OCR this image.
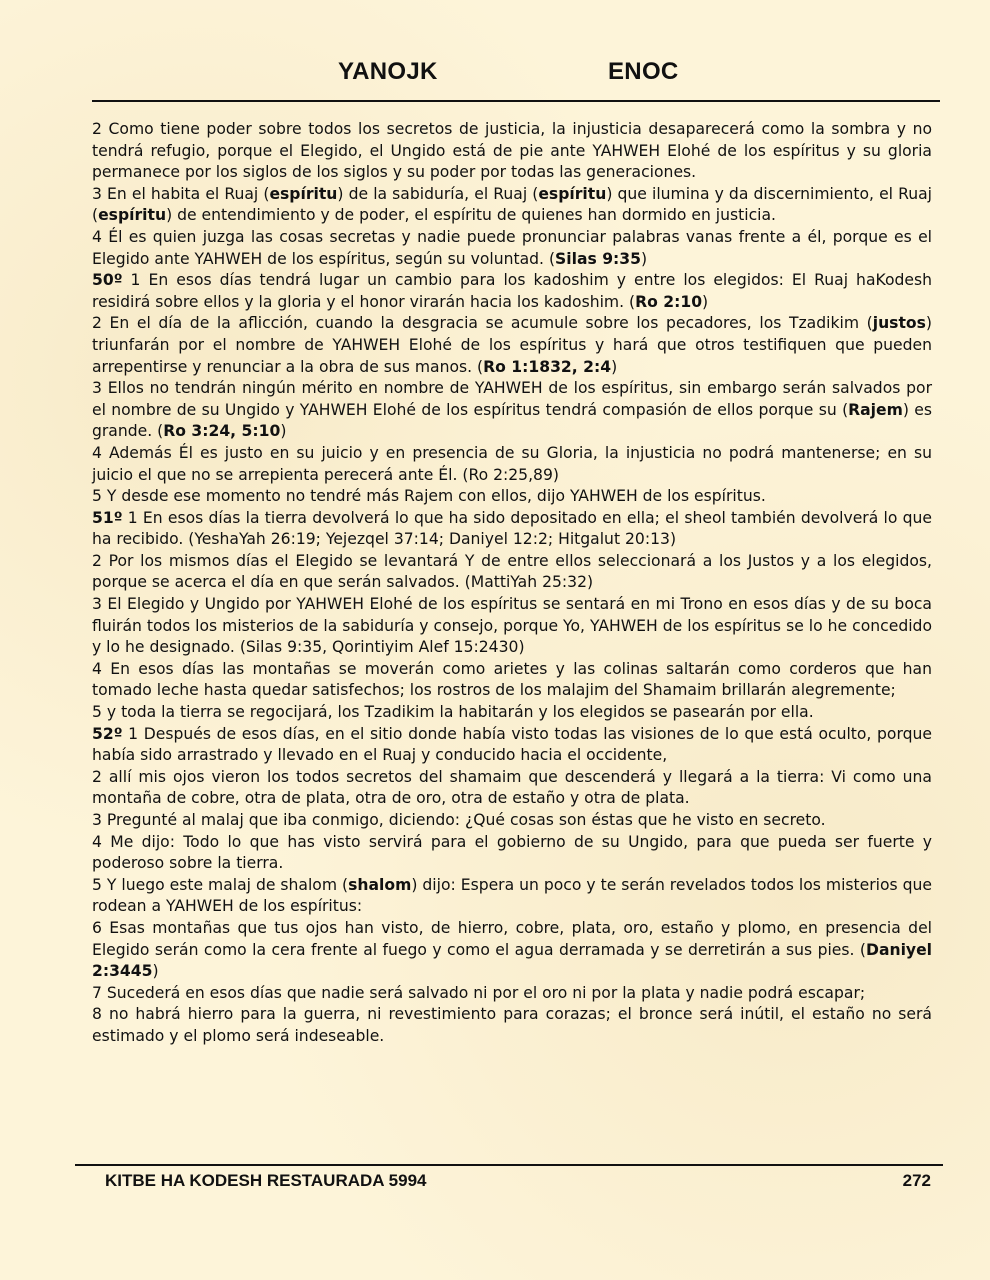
YANOJK	ENOC

2 Como tiene poder sobre todos los secretos de justicia, la injusticia desaparecerá como la sombra y no tendrá refugio, porque el Elegido, el Ungido está de pie ante YAHWEH Elohé de los espíritus y su gloria permanece por los siglos de los siglos y su poder por todas las generaciones.

3 En el habita el Ruaj (espíritu) de la sabiduría, el Ruaj (espíritu) que ilumina y da discernimiento, el Ruaj (espíritu) de entendimiento y de poder, el espíritu de quienes han dormido en justicia.

4 Él es quien juzga las cosas secretas y nadie puede pronunciar palabras vanas frente a él, porque es el Elegido ante YAHWEH de los espíritus, según su voluntad. (Silas 9:35)

50º 1 En esos días tendrá lugar un cambio para los kadoshim y entre los elegidos: El Ruaj haKodesh residirá sobre ellos y la gloria y el honor virarán hacia los kadoshim. (Ro 2:10)

2 En el día de la aflicción, cuando la desgracia se acumule sobre los pecadores, los Tzadikim (justos) triunfarán por el nombre de YAHWEH Elohé de los espíritus y hará que otros testifiquen que pueden arrepentirse y renunciar a la obra de sus manos. (Ro 1:1832, 2:4)

3 Ellos no tendrán ningún mérito en nombre de YAHWEH de los espíritus, sin embargo serán salvados por el nombre de su Ungido y YAHWEH Elohé de los espíritus tendrá compasión de ellos porque su (Rajem) es grande. (Ro 3:24, 5:10)

4 Además Él es justo en su juicio y en presencia de su Gloria, la injusticia no podrá mantenerse; en su juicio el que no se arrepienta perecerá ante Él. (Ro 2:25,89)

5 Y desde ese momento no tendré más Rajem con ellos, dijo YAHWEH de los espíritus.

51º 1 En esos días la tierra devolverá lo que ha sido depositado en ella; el sheol también devolverá lo que ha recibido. (YeshaYah 26:19; Yejezqel 37:14; Daniyel 12:2; Hitgalut 20:13)

2 Por los mismos días el Elegido se levantará Y de entre ellos seleccionará a los Justos y a los elegidos, porque se acerca el día en que serán salvados. (MattiYah 25:32)

3 El Elegido y Ungido por YAHWEH Elohé de los espíritus se sentará en mi Trono en esos días y de su boca fluirán todos los misterios de la sabiduría y consejo, porque Yo, YAHWEH de los espíritus se lo he concedido y lo he designado. (Silas 9:35, Qorintiyim Alef 15:2430)

4 En esos días las montañas se moverán como arietes y las colinas saltarán como corderos que han tomado leche hasta quedar satisfechos; los rostros de los malajim del Shamaim brillarán alegremente;

5 y toda la tierra se regocijará, los Tzadikim la habitarán y los elegidos se pasearán por ella.

52º 1 Después de esos días, en el sitio donde había visto todas las visiones de lo que está oculto, porque había sido arrastrado y llevado en el Ruaj y conducido hacia el occidente,

2 allí mis ojos vieron los todos secretos del shamaim que descenderá y llegará a la tierra: Vi como una montaña de cobre, otra de plata, otra de oro, otra de estaño y otra de plata.

3 Pregunté al malaj que iba conmigo, diciendo: ¿Qué cosas son éstas que he visto en secreto.

4 Me dijo: Todo lo que has visto servirá para el gobierno de su Ungido, para que pueda ser fuerte y poderoso sobre la tierra.

5 Y luego este malaj de shalom (shalom) dijo: Espera un poco y te serán revelados todos los misterios que rodean a YAHWEH de los espíritus:

6 Esas montañas que tus ojos han visto, de hierro, cobre, plata, oro, estaño y plomo, en presencia del Elegido serán como la cera frente al fuego y como el agua derramada y se derretirán a sus pies. (Daniyel 2:3445)

7 Sucederá en esos días que nadie será salvado ni por el oro ni por la plata y nadie podrá escapar;

8 no habrá hierro para la guerra, ni revestimiento para corazas; el bronce será inútil, el estaño no será estimado y el plomo será indeseable.

KITBE HA KODESH RESTAURADA 5994	272
